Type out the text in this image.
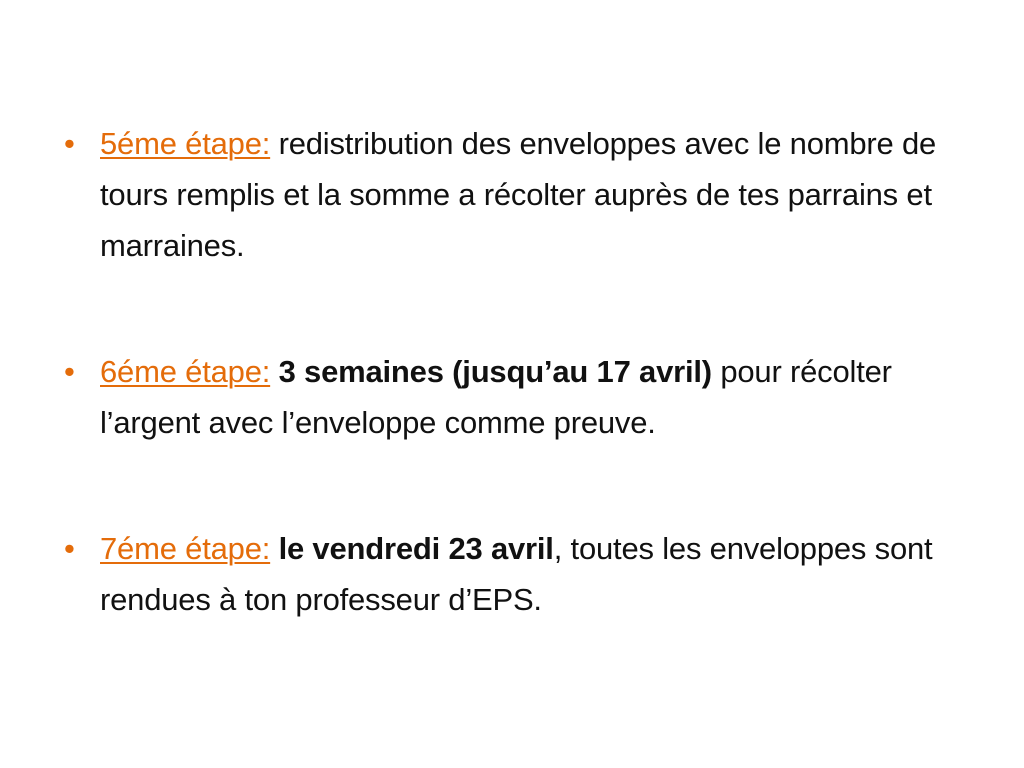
• 5éme étape: redistribution des enveloppes avec le nombre de tours remplis et la somme a récolter auprès de tes parrains et marraines.
• 6éme étape: 3 semaines (jusqu’au 17 avril) pour récolter l’argent avec l’enveloppe comme preuve.
• 7éme étape: le vendredi 23 avril, toutes les enveloppes sont rendues à ton professeur d’EPS.
